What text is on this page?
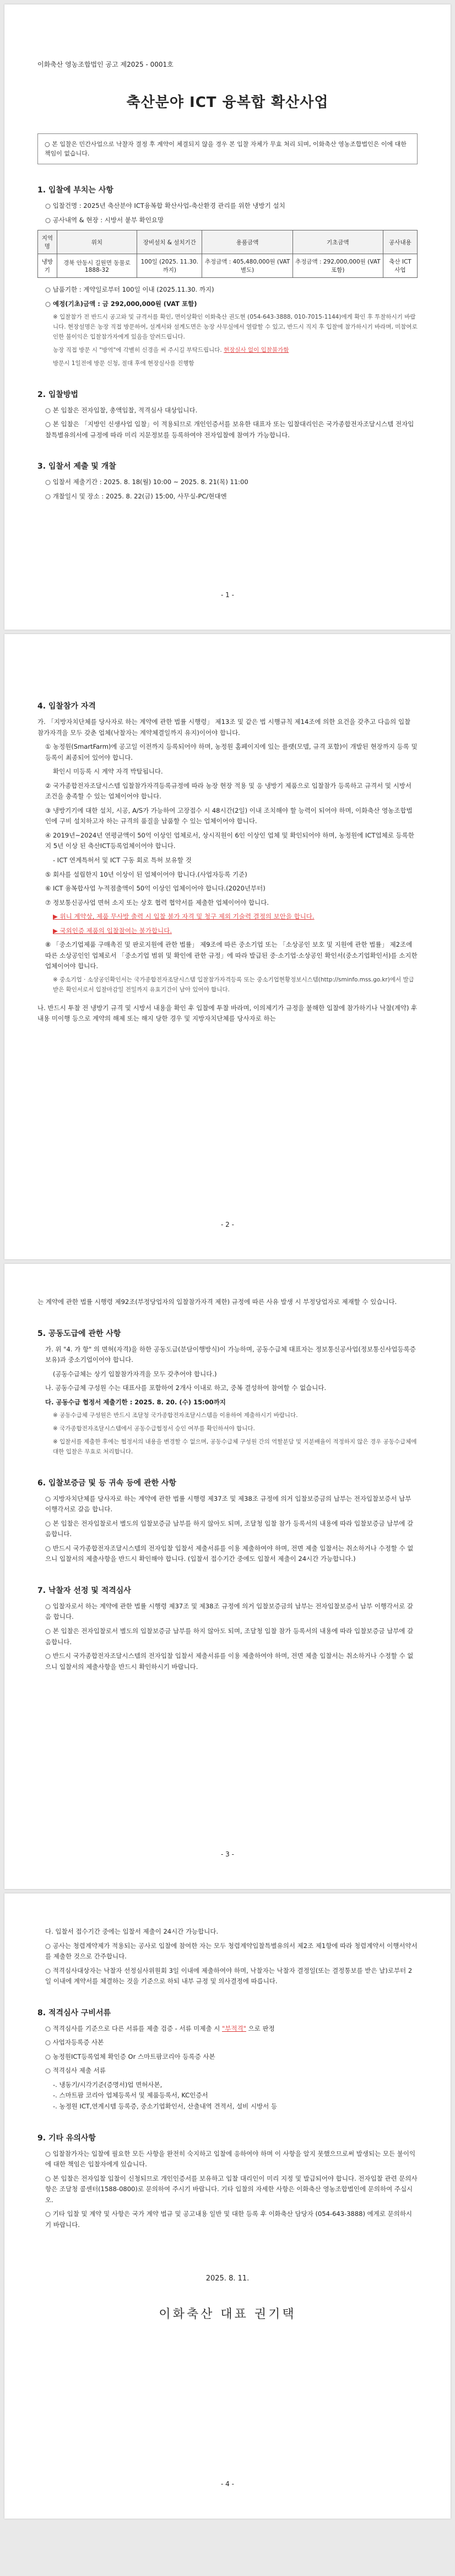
이화축산 영농조합법인 공고 제2025 - 0001호
축산분야 ICT 융복합 확산사업
○ 본 입찰은 민간사업으로 낙찰자 결정 후 계약이 체결되지 않을 경우 본 입찰 자체가 무효 처리 되며, 이화축산 영농조합법인은 이에 대한 책임이 없습니다.
1. 입찰에 부치는 사항

○ 입찰건명 : 2025년 축산분야 ICT융복합 확산사업-축산환경 관리를 위한 냉방기 설치

○ 공사내역 & 현장 : 시방서 붙부 확인요망

지역명	위치	장비설치 & 설치기간	용품금액	기초금액	공사내용
냉방기	경북 안동시 길원면 동물로 1888-32	100일 (2025. 11.30. 까지)	추정금액 : 405,480,000원 (VAT 별도)	추정금액 : 292,000,000원 (VAT 포함)	축산 ICT 사업

○ 납품기한 : 계약일로부터 100일 이내 (2025.11.30. 까지)

○ 예정(기초)금액 : 금 292,000,000원 (VAT 포함)

※ 입찰참가 전 반드시 공고와 및 규격서를 확인, 면이상확인 이화축산 권도현 (054-643-3888, 010-7015-1144)에게 확인 후 투찰하시기 바랍니다. 현장설명은 농장 직접 방문하여, 설계서와 설계도면은 농장 사무실에서 열람할 수 있고, 반드시 직지 후 입찰에 참가하시기 바라며, 미참여로 인한 불이익은 입찰참가자에게 있음을 알려드립니다.

농장 직접 방문 시 "방역"에 각별히 신경을 써 주시길 부탁드립니다. 현장실사 없이 입찰불가함

방문시 1일전에 방문 신청, 절대 후에 현장실사를 진행함

2. 입찰방법

○ 본 입찰은 전자입찰, 총액입찰, 적격심사 대상입니다.

○ 본 입찰은 「지방인 신생사업 입찰」이 적용되므로 개인인증서를 보유한 대표자 또는 입찰대리인은 국가종합전자조달시스템 전자입찰특별유의서에 규정에 따라 미리 지문정보를 등록하여야 전자입찰에 참여가 가능합니다.

3. 입찰서 제출 및 개찰

○ 입찰서 제출기간 : 2025. 8. 18(월) 10:00 ~ 2025. 8. 21(목) 11:00

○ 개찰일시 및 장소 : 2025. 8. 22(금) 15:00, 사무실-PC/현대엔

- 1 -
4. 입찰참가 자격

가. 「지방자치단체를 당사자로 하는 계약에 관한 법률 시행령」 제13조 및 같은 법 시행규칙 제14조에 의한 요건을 갖추고 다음의 입찰 참가자격을 모두 갖춘 업체(낙찰자는 계약체결일까지 유지)이어야 합니다.

① 농정원(SmartFarm)에 공고일 이전까지 등록되어야 하며, 농정원 홈페이지에 있는 플랫(모델, 규격 포함)이 개발된 현장까지 등록 및 등록이 최종되어 있어야 합니다.

확인시 미등록 시 계약 자격 박탈됩니다.

② 국가종합전자조달시스템 입찰참가자격등록규정에 따라 농장 현장 적용 및 응 냉방기 제품으로 입찰참가 등록하고 규격서 및 시방서 조건을 충족할 수 있는 업체이어야 합니다.

③ 냉방기기에 대한 설치, 시공, A/S가 가능하여 고장접수 시 48시간(2일) 이내 조치해야 할 능력이 되어야 하며, 이화축산 영농조합법인에 구비 설치하고자 하는 규격의 품질을 납품할 수 있는 업체이어야 합니다.

④ 2019년~2024년 연평균액이 50억 이상인 업체로서, 상시직원이 6인 이상인 업체 및 확인되어야 하며, 농정원에 ICT업체로 등록한지 5년 이상 된 축산ICT등록업체이어야 합니다.

- ICT 연계특허서 및 ICT 구동 회로 특허 보유할 것

⑤ 회사를 설립한지 10년 이상이 된 업체이어야 합니다.(사업자등록 기준)

⑥ ICT 융복합사업 누적점출액이 50억 이상인 업체이어야 합니다.(2020년부터)

⑦ 정보통신공사업 면허 소지 또는 상호 협력 협약서를 제출한 업체이어야 합니다.

▶ 위니 계약상, 제품 무사방 출력 시 입찰 불가 자격 및 청구 제외 기술력 결정의 보안을 합니다.

▶ 국외인증 제품의 입찰참여는 불가합니다.

⑧ 「중소기업제품 구매촉진 및 판로지원에 관한 법률」 제9조에 따른 중소기업 또는 「소상공인 보호 및 지원에 관한 법률」 제2조에 따른 소상공인인 업체로서 「중소기업 범위 및 확인에 관한 규정」에 따라 발급된 중·소기업·소상공인 확인서(중소기업확인서)를 소지한 업체이어야 합니다.

※ 중소기업 · 소상공인확인서는 국가종합전자조달시스템 입찰참가자격등록 또는 중소기업현황정보시스템(http://sminfo.mss.go.kr)에서 발급받은 확인서로서 입찰마감일 전일까지 유효기간이 남아 있어야 합니다.

나. 반드시 투찰 전 냉방기 규격 및 시방서 내용을 확인 후 입찰에 투찰 바라며, 이의제기가 규정을 불해한 입찰에 참가하기나 낙찰(계약) 후 내용 미이행 등으로 계약의 해제 또는 해지 당한 경우 및 지방자치단체를 당사자로 하는

- 2 -

는 계약에 관한 법률 시행령 제92조(부정당업자의 입찰참가자격 제한) 규정에 따른 사유 발생 시 부정당업자로 제재할 수 있습니다.

5. 공동도급에 관한 사항

가. 위 "4. 가 항" 의 면허(자격)을 하한 공동도급(분담이행방식)이 가능하며, 공동수급체 대표자는 정보통신공사업(정보통신사업등록증 보유)과 중소기업이어야 합니다.

(공동수급체는 상기 입찰참가자격을 모두 갖추어야 합니다.)

나. 공동수급체 구성원 수는 대표사를 포함하여 2개사 이내로 하고, 중복 결성하여 참여할 수 없습니다.

다. 공동수급 협정서 제출기한 : 2025. 8. 20. (수) 15:00까지

※ 공동수급체 구성원은 반드시 조달청 국가종합전자조달시스템을 이용하여 제출하시기 바랍니다.

※ 국가종합전자조달시스템에서 공동수급협정서 승인 여부를 확인하셔야 합니다.

※ 입찰서를 제출한 후에는 협정서의 내용을 변경할 수 없으며, 공동수급체 구성원 간의 역할분담 및 지분배율이 적정하지 않은 경우 공동수급체에 대한 입찰은 무효로 처리합니다.

6. 입찰보증금 및 등 귀속 등에 관한 사항

○ 지방자치단체를 당사자로 하는 계약에 관한 법률 시행령 제37조 및 제38조 규정에 의거 입찰보증금의 납부는 전자입찰보증서 납부 이행각서로 갈음 합니다.

○ 본 입찰은 전자입찰로서 별도의 입찰보증금 납부를 하지 않아도 되며, 조달청 입찰 참가 등록서의 내용에 따라 입찰보증금 납부에 갈음합니다.

○ 반드시 국가종합전자조달시스템의 전자입찰 입찰서 제출서류를 이용 제출하여야 하며, 전면 제출 입찰서는 취소하거나 수정할 수 없으니 입찰서의 제출사항을 반드시 확인해야 합니다. (입찰서 접수기간 중에도 입찰서 제출이 24시간 가능합니다.)

7. 낙찰자 선정 및 적격심사

○ 입찰자로서 하는 계약에 관한 법률 시행령 제37조 및 제38조 규정에 의거 입찰보증금의 납부는 전자입찰보증서 납부 이행각서로 갈음 합니다.

○ 본 입찰은 전자입찰로서 별도의 입찰보증금 납부를 하지 않아도 되며, 조달청 입찰 참가 등록서의 내용에 따라 입찰보증금 납부에 갈음합니다.

○ 반드시 국가종합전자조달시스템의 전자입찰 입찰서 제출서류를 이용 제출하여야 하며, 전면 제출 입찰서는 취소하거나 수정할 수 없으니 입찰서의 제출사항을 반드시 확인하시기 바랍니다.

- 3 -

다. 입찰서 접수기간 중에는 입찰서 제출이 24시간 가능합니다.

○ 공사는 청렴계약제가 적용되는 공사로 입찰에 참여한 자는 모두 청렴계약입찰특별유의서 제2조 제1항에 따라 청렴계약서 이행서약서를 제출한 것으로 간주합니다.

○ 적격심사대상자는 낙찰자 선정심사위원회 3일 이내에 제출하여야 하며, 낙찰자는 낙찰자 결정일(또는 결정통보를 받은 날)로부터 2일 이내에 계약서를 체결하는 것을 기준으로 하되 내부 규정 및 의사결정에 따릅니다.

8. 적격심사 구비서류

○ 적격심사를 기준으로 다른 서류를 제출 검증 - 서류 미제출 시 "부적격" 으로 판정

○ 사업자등록증 사본

○ 농정원ICT등록업체 확인증 Or 스마트팜코리아 등록증 사본

○ 적격심사 제출 서류

-. 냉동기/시각기준(증명서)업 면허사본,
-. 스마트팜 코리아 업체등록서 및 제품등록서, KC인증서
-. 농정원 ICT,연계시템 등록증, 중소기업확인서, 산출내역 견적서, 설비 시방서 등
9. 기타 유의사항

○ 입찰참가자는 입찰에 필요한 모든 사항을 완전히 숙지하고 입찰에 응하여야 하며 이 사항을 알지 못했으므로써 발생되는 모든 불이익에 대한 책임은 입찰자에게 있습니다.

○ 본 입찰은 전자입찰 입찰이 신청되므로 개인인증서를 보유하고 입찰 대리인이 미리 지정 및 발급되어야 합니다. 전자입찰 관련 문의사항은 조달청 콜센터(1588-0800)로 문의하여 주시기 바랍니다. 기타 입찰의 자세한 사항은 이화축산 영농조합법인에 문의하여 주십시오.

○ 기타 입찰 및 계약 및 사항은 국가 계약 법규 및 공고내용 일반 및 대한 등록 후 이화축산 담당자 (054-643-3888) 에게로 문의하시기 바랍니다.

2025. 8. 11.
이화축산 대표 권기택
- 4 -
